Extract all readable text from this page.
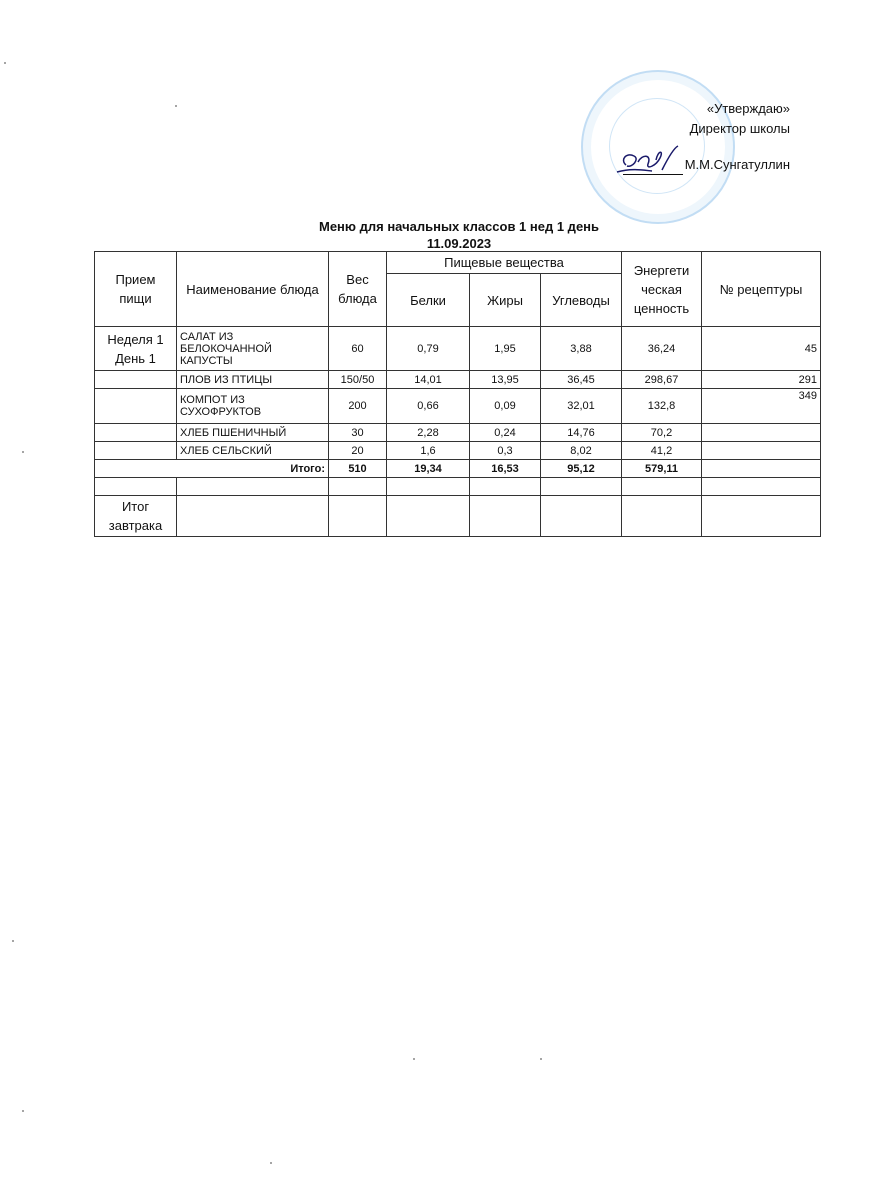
«Утверждаю»
Директор школы
М.М.Сунгатуллин
Меню для начальных классов 1 нед 1 день
11.09.2023
Прием пищи	Наименование блюда	Вес блюда	Пищевые вещества			Энергети ческая ценность	№ рецептуры
			Белки	Жиры	Углеводы		
Неделя 1 День 1	САЛАТ ИЗ БЕЛОКОЧАННОЙ КАПУСТЫ	60	0,79	1,95	3,88	36,24	45
	ПЛОВ ИЗ ПТИЦЫ	150/50	14,01	13,95	36,45	298,67	291
	КОМПОТ ИЗ СУХОФРУКТОВ	200	0,66	0,09	32,01	132,8	349
	ХЛЕБ ПШЕНИЧНЫЙ	30	2,28	0,24	14,76	70,2	
	ХЛЕБ СЕЛЬСКИЙ	20	1,6	0,3	8,02	41,2	
Итого:		510	19,34	16,53	95,12	579,11	

Итог завтрака							
